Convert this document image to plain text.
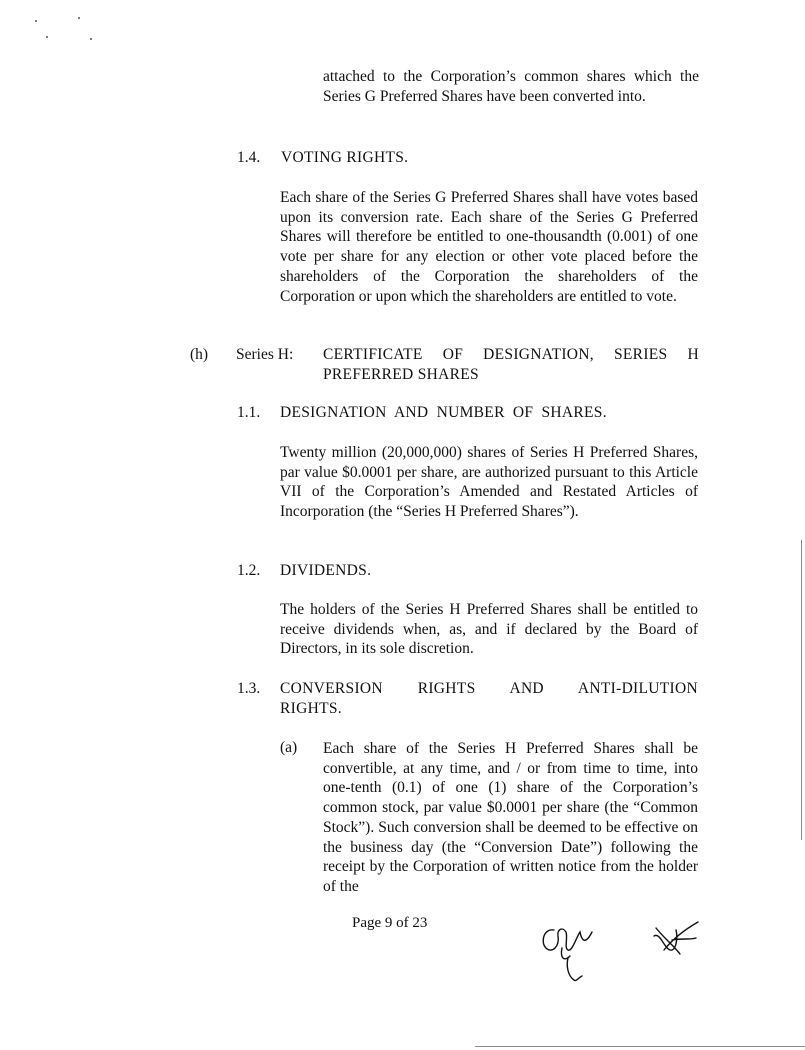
attached to the Corporation’s common shares which the Series G Preferred Shares have been converted into.
1.4. VOTING RIGHTS.
Each share of the Series G Preferred Shares shall have votes based upon its conversion rate. Each share of the Series G Preferred Shares will therefore be entitled to one-thousandth (0.001) of one vote per share for any election or other vote placed before the shareholders of the Corporation the shareholders of the Corporation or upon which the shareholders are entitled to vote.
(h) Series H: CERTIFICATE OF DESIGNATION, SERIES H
PREFERRED SHARES
1.1. DESIGNATION AND NUMBER OF SHARES.
Twenty million (20,000,000) shares of Series H Preferred Shares, par value $0.0001 per share, are authorized pursuant to this Article VII of the Corporation’s Amended and Restated Articles of Incorporation (the “Series H Preferred Shares”).
1.2. DIVIDENDS.
The holders of the Series H Preferred Shares shall be entitled to receive dividends when, as, and if declared by the Board of Directors, in its sole discretion.
1.3. CONVERSION RIGHTS AND ANTI-DILUTION
RIGHTS.
(a) Each share of the Series H Preferred Shares shall be convertible, at any time, and / or from time to time, into one-tenth (0.1) of one (1) share of the Corporation’s common stock, par value $0.0001 per share (the “Common Stock”). Such conversion shall be deemed to be effective on the business day (the “Conversion Date”) following the receipt by the Corporation of written notice from the holder of the
Page 9 of 23
